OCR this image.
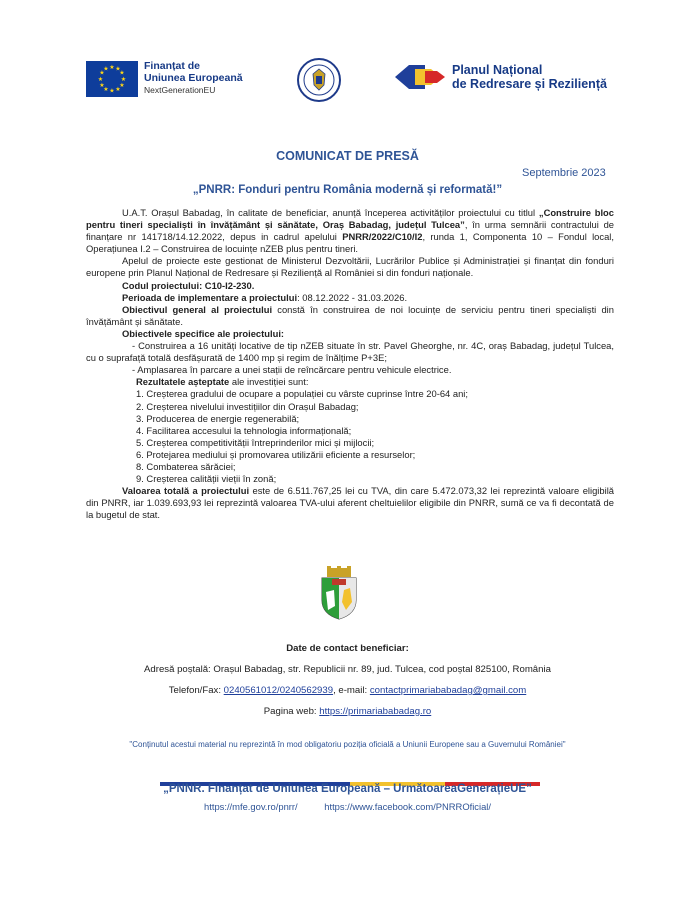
★ ★
★
★
★
★
★
★
★
★
★
★	Finanțat de
Uniunea Europeană
NextGenerationEU
Planul Național
de Redresare și Reziliență
COMUNICAT DE PRESĂ
Septembrie 2023
„PNRR: Fonduri pentru România modernă și reformată!”

U.A.T. Orașul Babadag, în calitate de beneficiar, anunță începerea activităților proiectului cu titlul „Construire bloc pentru tineri specialiști în învățământ și sănătate, Oraș Babadag, județul Tulcea”, în urma semnării contractului de finanțare nr 141718/14.12.2022, depus in cadrul apelului PNRR/2022/C10/I2, runda 1, Componenta 10 – Fondul local, Operațiunea I.2 – Construirea de locuințe nZEB plus pentru tineri.

Apelul de proiecte este gestionat de Ministerul Dezvoltării, Lucrărilor Publice și Administrației și finanțat din fonduri europene prin Planul Național de Redresare și Reziliență al României si din fonduri naționale.

Codul proiectului: C10-I2-230.

Perioada de implementare a proiectului: 08.12.2022 - 31.03.2026.

Obiectivul general al proiectului constă în construirea de noi locuințe de serviciu pentru tineri specialiști din învățământ și sănătate.

Obiectivele specifice ale proiectului:

- Construirea a 16 unități locative de tip nZEB situate în str. Pavel Gheorghe, nr. 4C, oraș Babadag, județul Tulcea, cu o suprafață totală desfășurată de 1400 mp și regim de înălțime P+3E;

- Amplasarea în parcare a unei stații de reîncărcare pentru vehicule electrice.

Rezultatele așteptate ale investiției sunt:

1. Creșterea gradului de ocupare a populației cu vârste cuprinse între 20-64 ani;
2. Creșterea nivelului investițiilor din Orașul Babadag;
3. Producerea de energie regenerabilă;
4. Facilitarea accesului la tehnologia informațională;
5. Creșterea competitivității întreprinderilor mici și mijlocii;
6. Protejarea mediului și promovarea utilizării eficiente a resurselor;
8. Combaterea sărăciei;
9. Creșterea calității vieții în zonă;

Valoarea totală a proiectului este de 6.511.767,25 lei cu TVA, din care 5.472.073,32 lei reprezintă valoare eligibilă din PNRR, iar 1.039.693,93 lei reprezintă valoarea TVA-ului aferent cheltuielilor eligibile din PNRR, sumă ce va fi decontată de la bugetul de stat.

Date de contact beneficiar:
Adresă poștală: Orașul Babadag, str. Republicii nr. 89, jud. Tulcea, cod poștal 825100, România
Telefon/Fax: 0240561012/0240562939, e-mail: contactprimariababadag@gmail.com
Pagina web: https://primariababadag.ro
"Conținutul acestui material nu reprezintă în mod obligatoriu poziția oficială a Uniunii Europene sau a Guvernului României"
„PNNR. Finanțat de Uniunea Europeană – UrmătoareaGenerațieUE”
https://mfe.gov.ro/pnrr/	https://www.facebook.com/PNRROficial/
